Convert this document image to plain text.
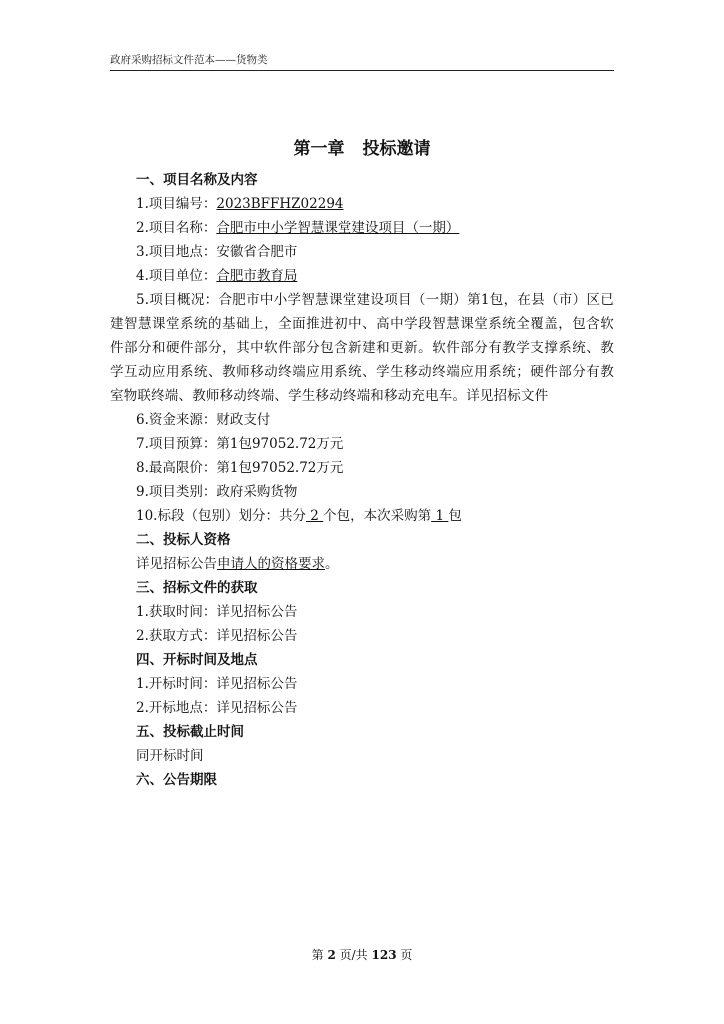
政府采购招标文件范本——货物类
第一章 投标邀请
一、项目名称及内容
1.项目编号：2023BFFHZ02294
2.项目名称：合肥市中小学智慧课堂建设项目（一期）
3.项目地点：安徽省合肥市
4.项目单位：合肥市教育局
5.项目概况：合肥市中小学智慧课堂建设项目（一期）第1包，在县（市）区已建智慧课堂系统的基础上，全面推进初中、高中学段智慧课堂系统全覆盖，包含软件部分和硬件部分，其中软件部分包含新建和更新。软件部分有教学支撑系统、教学互动应用系统、教师移动终端应用系统、学生移动终端应用系统；硬件部分有教室物联终端、教师移动终端、学生移动终端和移动充电车。详见招标文件
6.资金来源：财政支付
7.项目预算：第1包97052.72万元
8.最高限价：第1包97052.72万元
9.项目类别：政府采购货物
10.标段（包别）划分：共分 2 个包，本次采购第 1 包
二、投标人资格
详见招标公告申请人的资格要求。
三、招标文件的获取
1.获取时间：详见招标公告
2.获取方式：详见招标公告
四、开标时间及地点
1.开标时间：详见招标公告
2.开标地点：详见招标公告
五、投标截止时间
同开标时间
六、公告期限
第 2 页/共 123 页
